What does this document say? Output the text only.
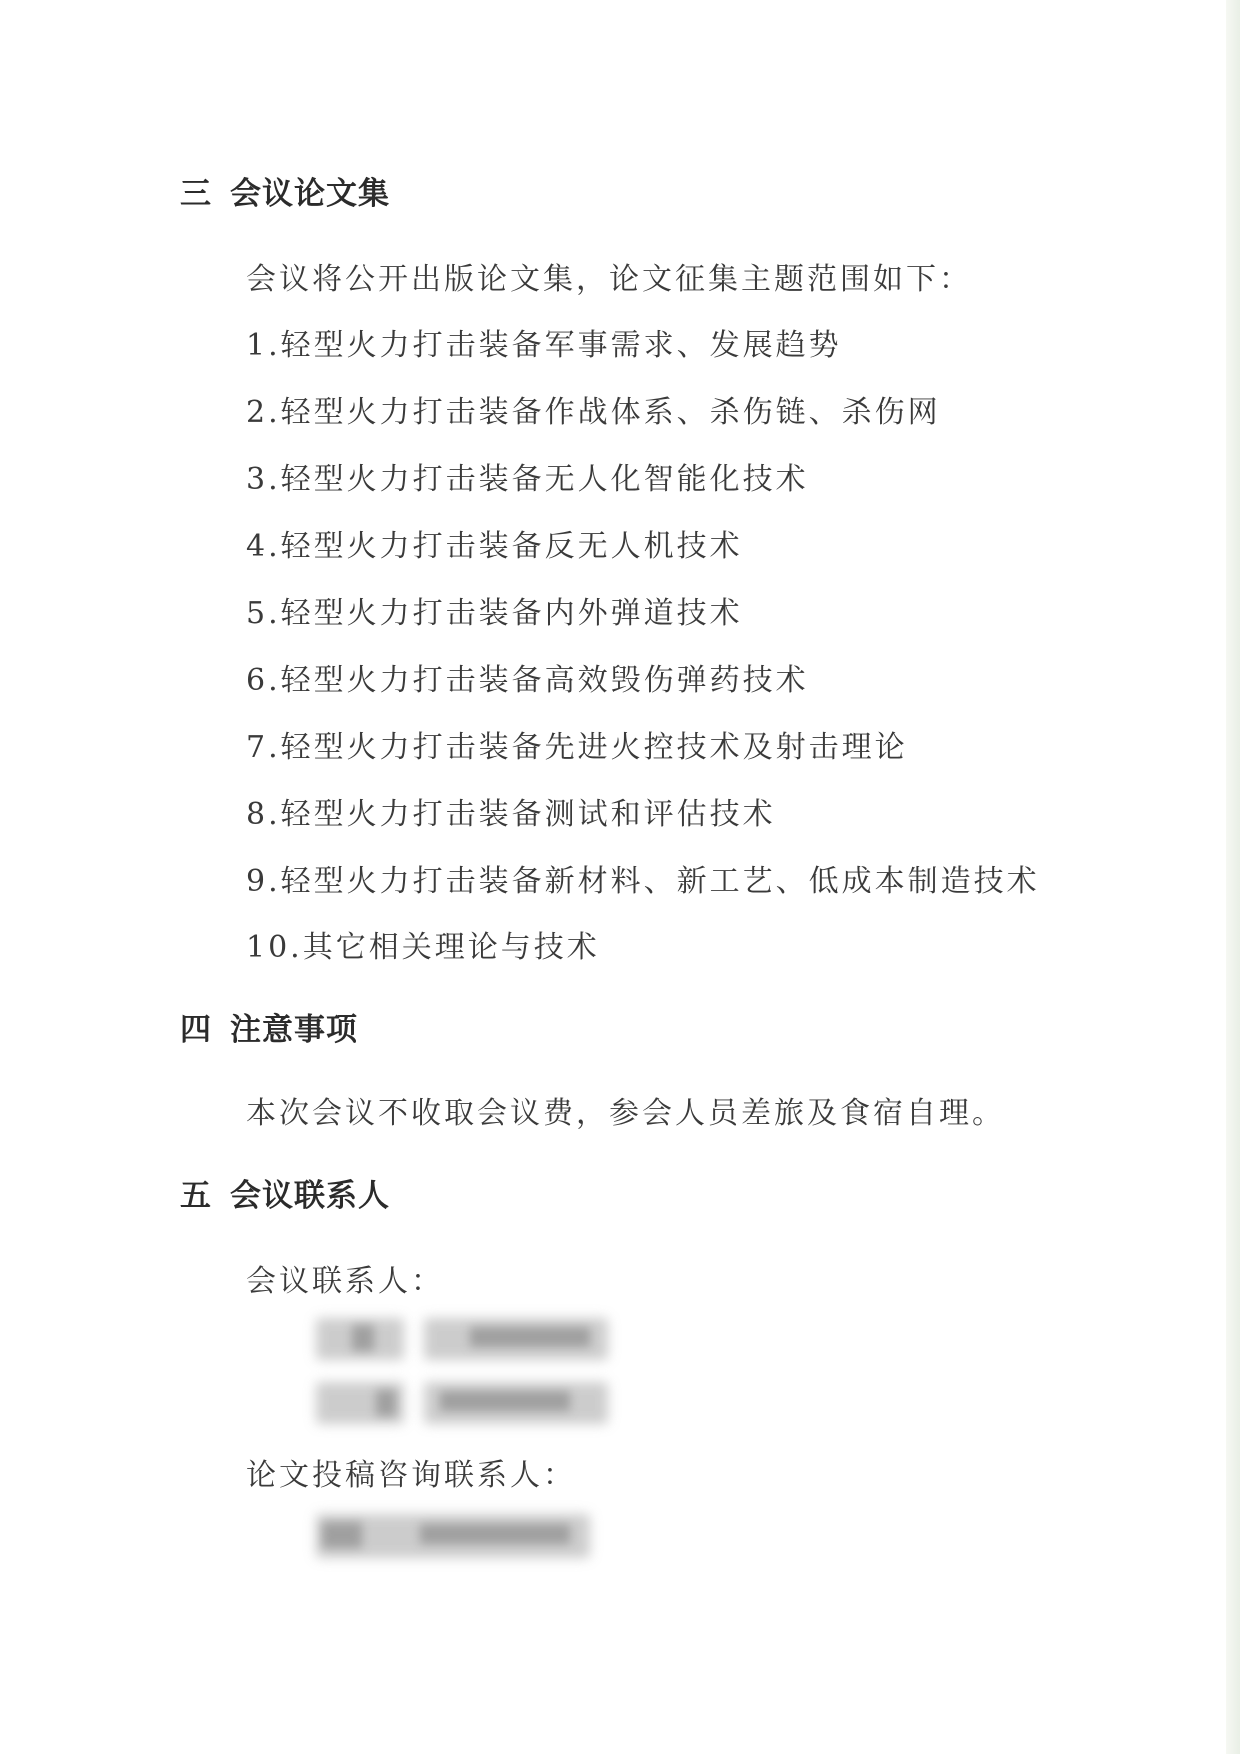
三 会议论文集
会议将公开出版论文集，论文征集主题范围如下：
1.轻型火力打击装备军事需求、发展趋势
2.轻型火力打击装备作战体系、杀伤链、杀伤网
3.轻型火力打击装备无人化智能化技术
4.轻型火力打击装备反无人机技术
5.轻型火力打击装备内外弹道技术
6.轻型火力打击装备高效毁伤弹药技术
7.轻型火力打击装备先进火控技术及射击理论
8.轻型火力打击装备测试和评估技术
9.轻型火力打击装备新材料、新工艺、低成本制造技术
10.其它相关理论与技术
四 注意事项
本次会议不收取会议费，参会人员差旅及食宿自理。
五 会议联系人
会议联系人：
论文投稿咨询联系人：
